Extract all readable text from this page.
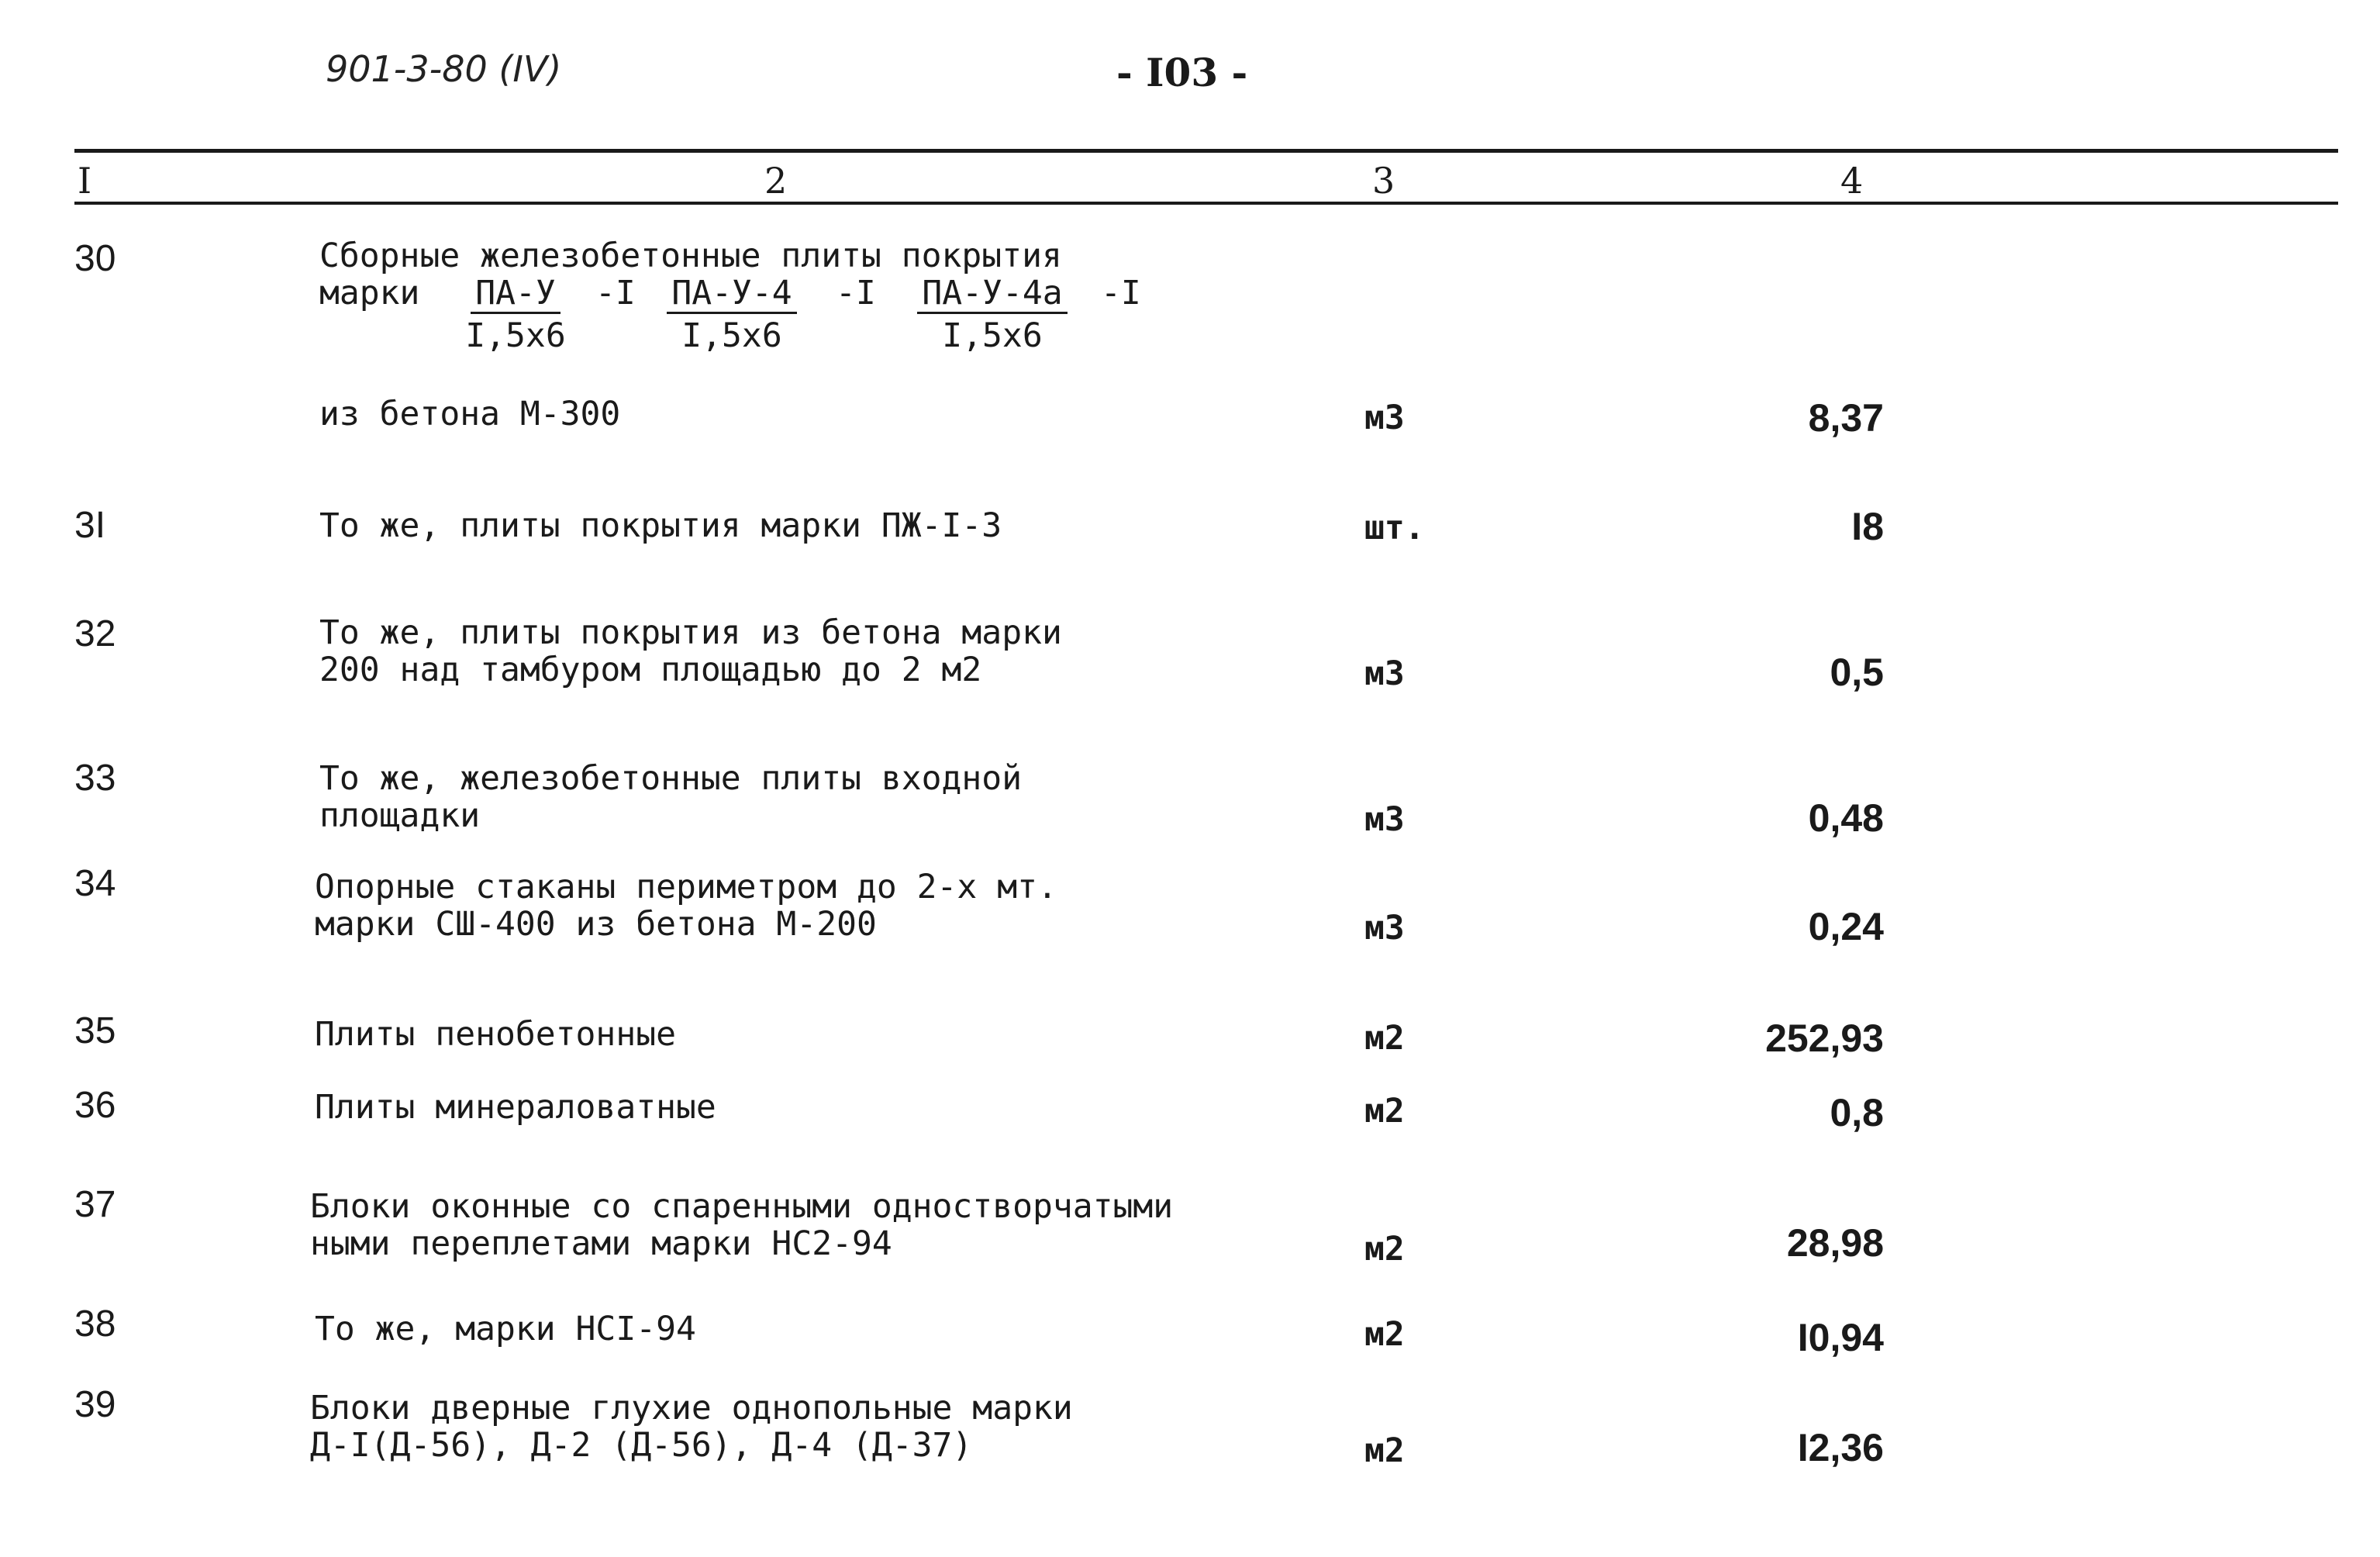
901-3-80 (IV)	- I03 -
I	2	3	4
30	Сборные железобетонные плиты покрытия
марки	ПА-У
I,5х6
-I	ПА-У-4
I,5х6
-I	ПА-У-4а
I,5х6
-I
из бетона М-300	м3	8,37
3I	То же, плиты покрытия марки ПЖ-I-3	шт.	I8
32	То же, плиты покрытия из бетона марки
200 над тамбуром площадью до 2 м2	м3	0,5
33	То же, железобетонные плиты входной
площадки	м3	0,48
34	Опорные стаканы периметром до 2-х мт.
марки СШ-400 из бетона М-200	м3	0,24
35	Плиты пенобетонные	м2	252,93
36	Плиты минераловатные	м2	0,8
37	Блоки оконные со спаренными одностворчатыми
ными переплетами марки НС2-94	м2	28,98
38	То же, марки НСI-94	м2	I0,94
39	Блоки дверные глухие однопольные марки
Д-I(Д-56), Д-2 (Д-56), Д-4 (Д-37)	м2	I2,36
